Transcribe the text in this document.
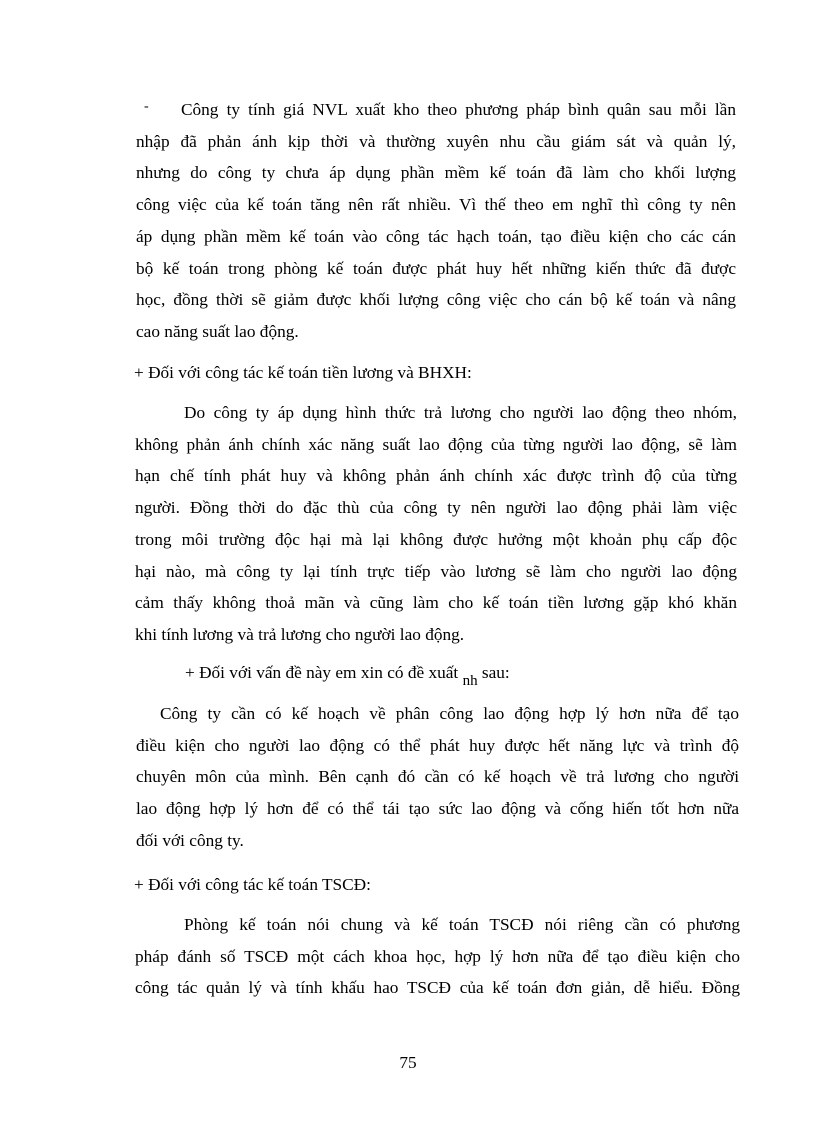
-	Công ty tính giá NVL xuất kho theo phương pháp bình quân sau mỗi lần
nhập đã phản ánh kịp thời và thường xuyên nhu cầu giám sát và quản lý,
nhưng do công ty chưa áp dụng phần mềm kế toán đã làm cho khối lượng
công việc của kế toán tăng nên rất nhiều. Vì thế theo em nghĩ thì công ty nên
áp dụng phần mềm kế toán vào công tác hạch toán, tạo điều kiện cho các cán
bộ kế toán trong phòng kế toán được phát huy hết những kiến thức đã được
học, đồng thời sẽ giảm được khối lượng công việc cho cán bộ kế toán và nâng
cao năng suất lao động.
+ Đối với công tác kế toán tiền lương và BHXH:
Do công ty áp dụng hình thức trả lương cho người lao động theo nhóm,
không phản ánh chính xác năng suất lao động của từng người lao động, sẽ làm
hạn chế tính phát huy và không phản ánh chính xác được trình độ của từng
người. Đồng thời do đặc thù của công ty nên người lao động phải làm việc
trong môi trường độc hại mà lại không được hưởng một khoản phụ cấp độc
hại nào, mà công ty lại tính trực tiếp vào lương sẽ làm cho người lao động
cảm thấy không thoả mãn và cũng làm cho kế toán tiền lương gặp khó khăn
khi tính lương và trả lương cho người lao động.
+ Đối với vấn đề này em xin có đề xuất nh sau:
Công ty cần có kế hoạch về phân công lao động hợp lý hơn nữa để tạo
điều kiện cho người lao động có thể phát huy được hết năng lực và trình độ
chuyên môn của mình. Bên cạnh đó cần có kế hoạch về trả lương cho người
lao động hợp lý hơn để có thể tái tạo sức lao động và cống hiến tốt hơn nữa
đối với công ty.
+ Đối với công tác kế toán TSCĐ:
Phòng kế toán nói chung và kế toán TSCĐ nói riêng cần có phương
pháp đánh số TSCĐ một cách khoa học, hợp lý hơn nữa để tạo điều kiện cho
công tác quản lý và tính khấu hao TSCĐ của kế toán đơn giản, dễ hiểu. Đồng
75
